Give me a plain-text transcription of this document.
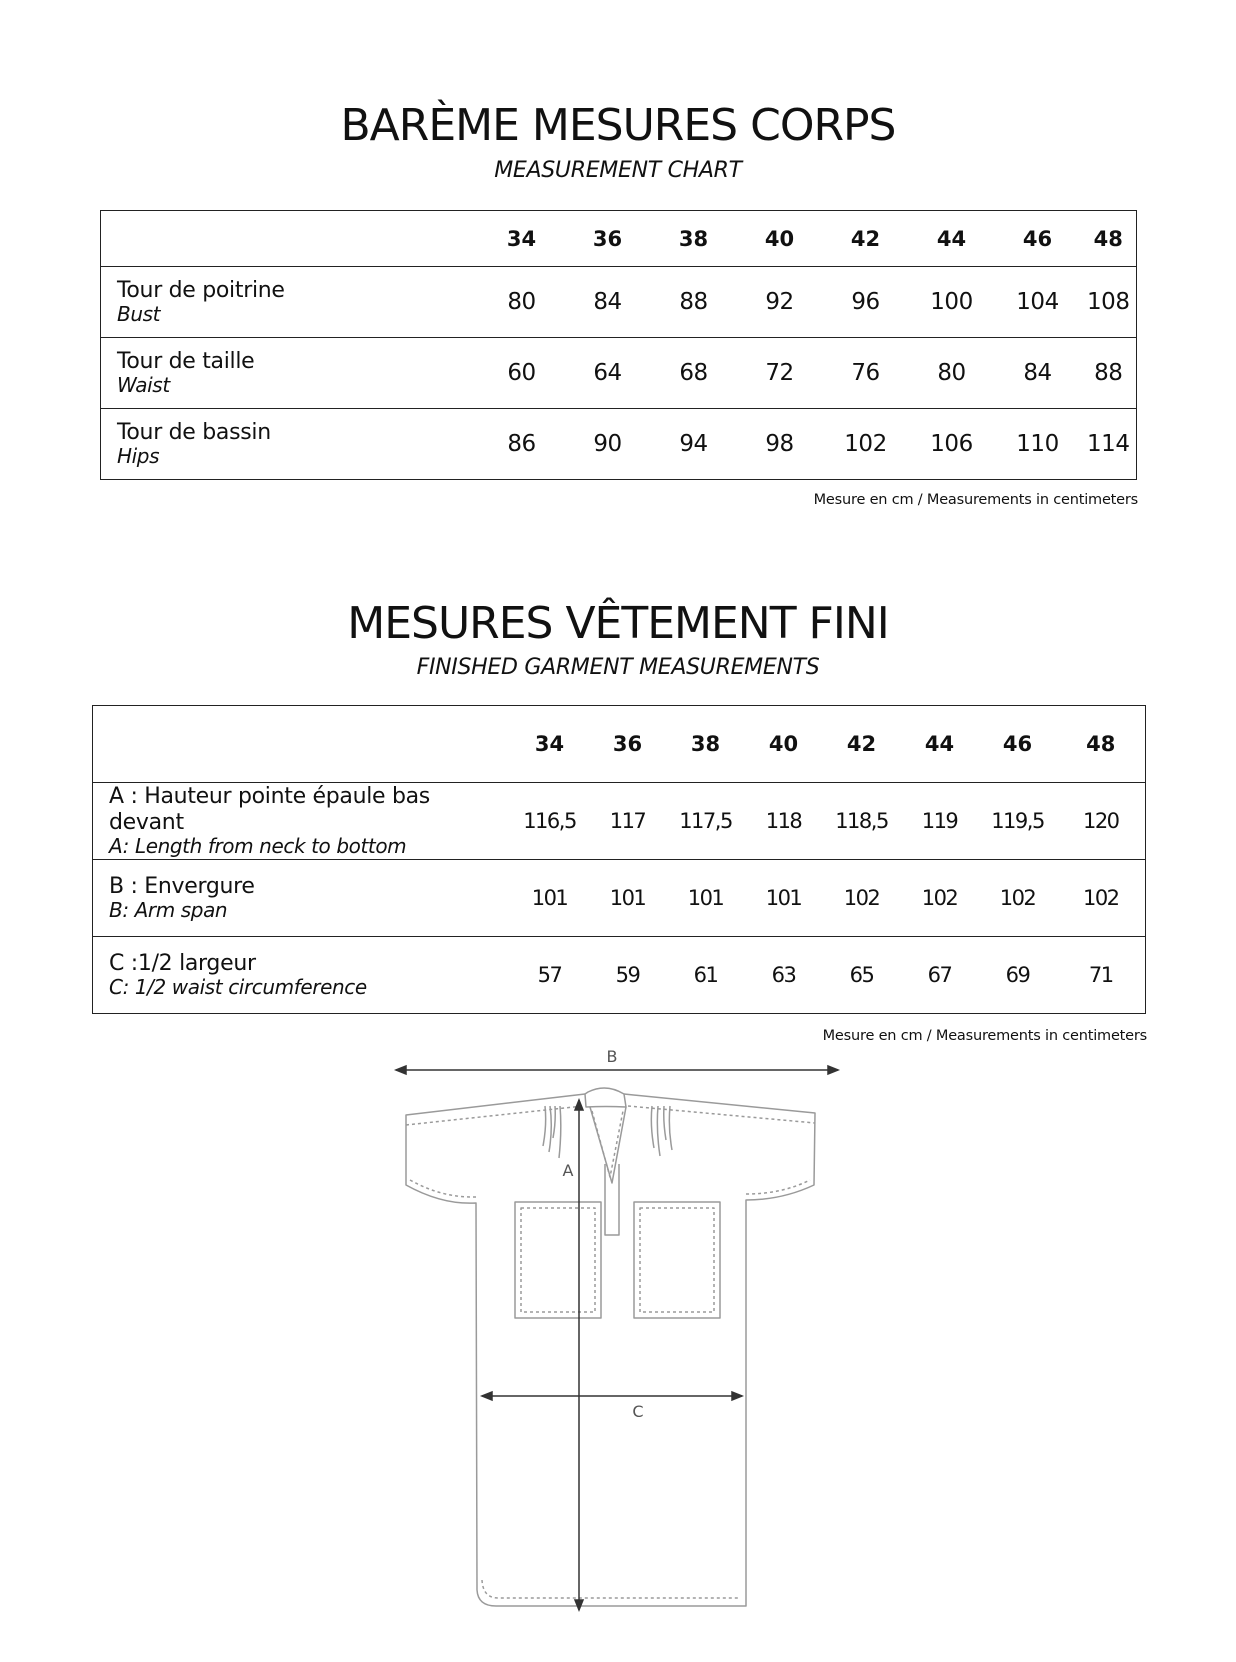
BARÈME MESURES CORPS

MEASUREMENT CHART

	34	36	38	40	42	44	46	48

Tour de poitrine
Bust	80	84	88	92	96	100	104	108

Tour de taille
Waist	60	64	68	72	76	80	84	88

Tour de bassin
Hips	86	90	94	98	102	106	110	114
Mesure en cm / Measurements in centimeters
MESURES VÊTEMENT FINI

FINISHED GARMENT MEASUREMENTS

	34	36	38	40	42	44	46	48

A : Hauteur pointe épaule bas devant
A: Length from neck to bottom	116,5	117	117,5	118	118,5	119	119,5	120

B : Envergure
B: Arm span	101	101	101	101	102	102	102	102

C :1/2 largeur
C: 1/2 waist circumference	57	59	61	63	65	67	69	71
Mesure en cm / Measurements in centimeters
B
A
C
